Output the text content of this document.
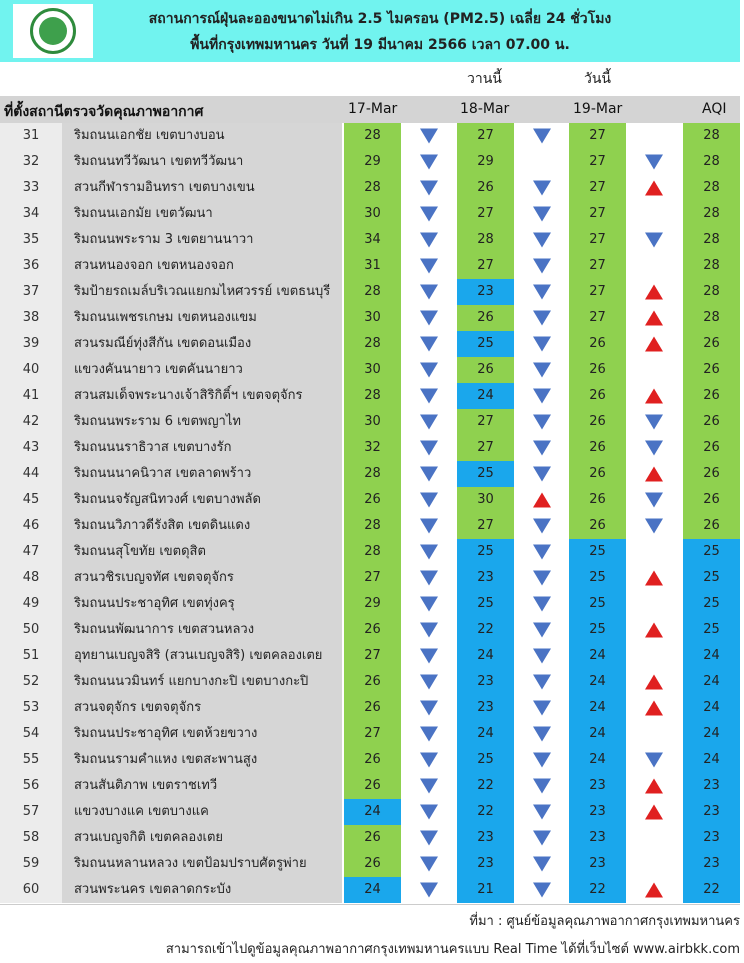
สถานการณ์ฝุ่นละอองขนาดไม่เกิน 2.5 ไมครอน (PM2.5) เฉลี่ย 24 ชั่วโมง
พื้นที่กรุงเทพมหานคร วันที่ 19 มีนาคม 2566 เวลา 07.00 น.
วานนี้	วันนี้
ที่ตั้งสถานีตรวจวัดคุณภาพอากาศ	17-Mar	18-Mar	19-Mar	AQI
31	ริมถนนเอกชัย เขตบางบอน	28	27	27	28
32	ริมถนนทวีวัฒนา เขตทวีวัฒนา	29	29	27	28
33	สวนกีฬารามอินทรา เขตบางเขน	28	26	27	28
34	ริมถนนเอกมัย เขตวัฒนา	30	27	27	28
35	ริมถนนพระราม 3 เขตยานนาวา	34	28	27	28
36	สวนหนองจอก เขตหนองจอก	31	27	27	28
37	ริมป้ายรถเมล์บริเวณแยกมไหศวรรย์ เขตธนบุรี	28	23	27	28
38	ริมถนนเพชรเกษม เขตหนองแขม	30	26	27	28
39	สวนรมณีย์ทุ่งสีกัน เขตดอนเมือง	28	25	26	26
40	แขวงคันนายาว เขตคันนายาว	30	26	26	26
41	สวนสมเด็จพระนางเจ้าสิริกิติ์ฯ เขตจตุจักร	28	24	26	26
42	ริมถนนพระราม 6 เขตพญาไท	30	27	26	26
43	ริมถนนนราธิวาส เขตบางรัก	32	27	26	26
44	ริมถนนนาคนิวาส เขตลาดพร้าว	28	25	26	26
45	ริมถนนจรัญสนิทวงศ์ เขตบางพลัด	26	30	26	26
46	ริมถนนวิภาวดีรังสิต เขตดินแดง	28	27	26	26
47	ริมถนนสุโขทัย เขตดุสิต	28	25	25	25
48	สวนวชิรเบญจทัศ เขตจตุจักร	27	23	25	25
49	ริมถนนประชาอุทิศ เขตทุ่งครุ	29	25	25	25
50	ริมถนนพัฒนาการ เขตสวนหลวง	26	22	25	25
51	อุทยานเบญจสิริ (สวนเบญจสิริ) เขตคลองเตย	27	24	24	24
52	ริมถนนนวมินทร์ แยกบางกะปิ เขตบางกะปิ	26	23	24	24
53	สวนจตุจักร เขตจตุจักร	26	23	24	24
54	ริมถนนประชาอุทิศ เขตห้วยขวาง	27	24	24	24
55	ริมถนนรามคำแหง เขตสะพานสูง	26	25	24	24
56	สวนสันติภาพ เขตราชเทวี	26	22	23	23
57	แขวงบางแค เขตบางแค	24	22	23	23
58	สวนเบญจกิติ เขตคลองเตย	26	23	23	23
59	ริมถนนหลานหลวง เขตป้อมปราบศัตรูพ่าย	26	23	23	23
60	สวนพระนคร เขตลาดกระบัง	24	21	22	22
ที่มา : ศูนย์ข้อมูลคุณภาพอากาศกรุงเทพมหานคร
สามารถเข้าไปดูข้อมูลคุณภาพอากาศกรุงเทพมหานครแบบ Real Time ได้ที่เว็บไซต์ www.airbkk.com
